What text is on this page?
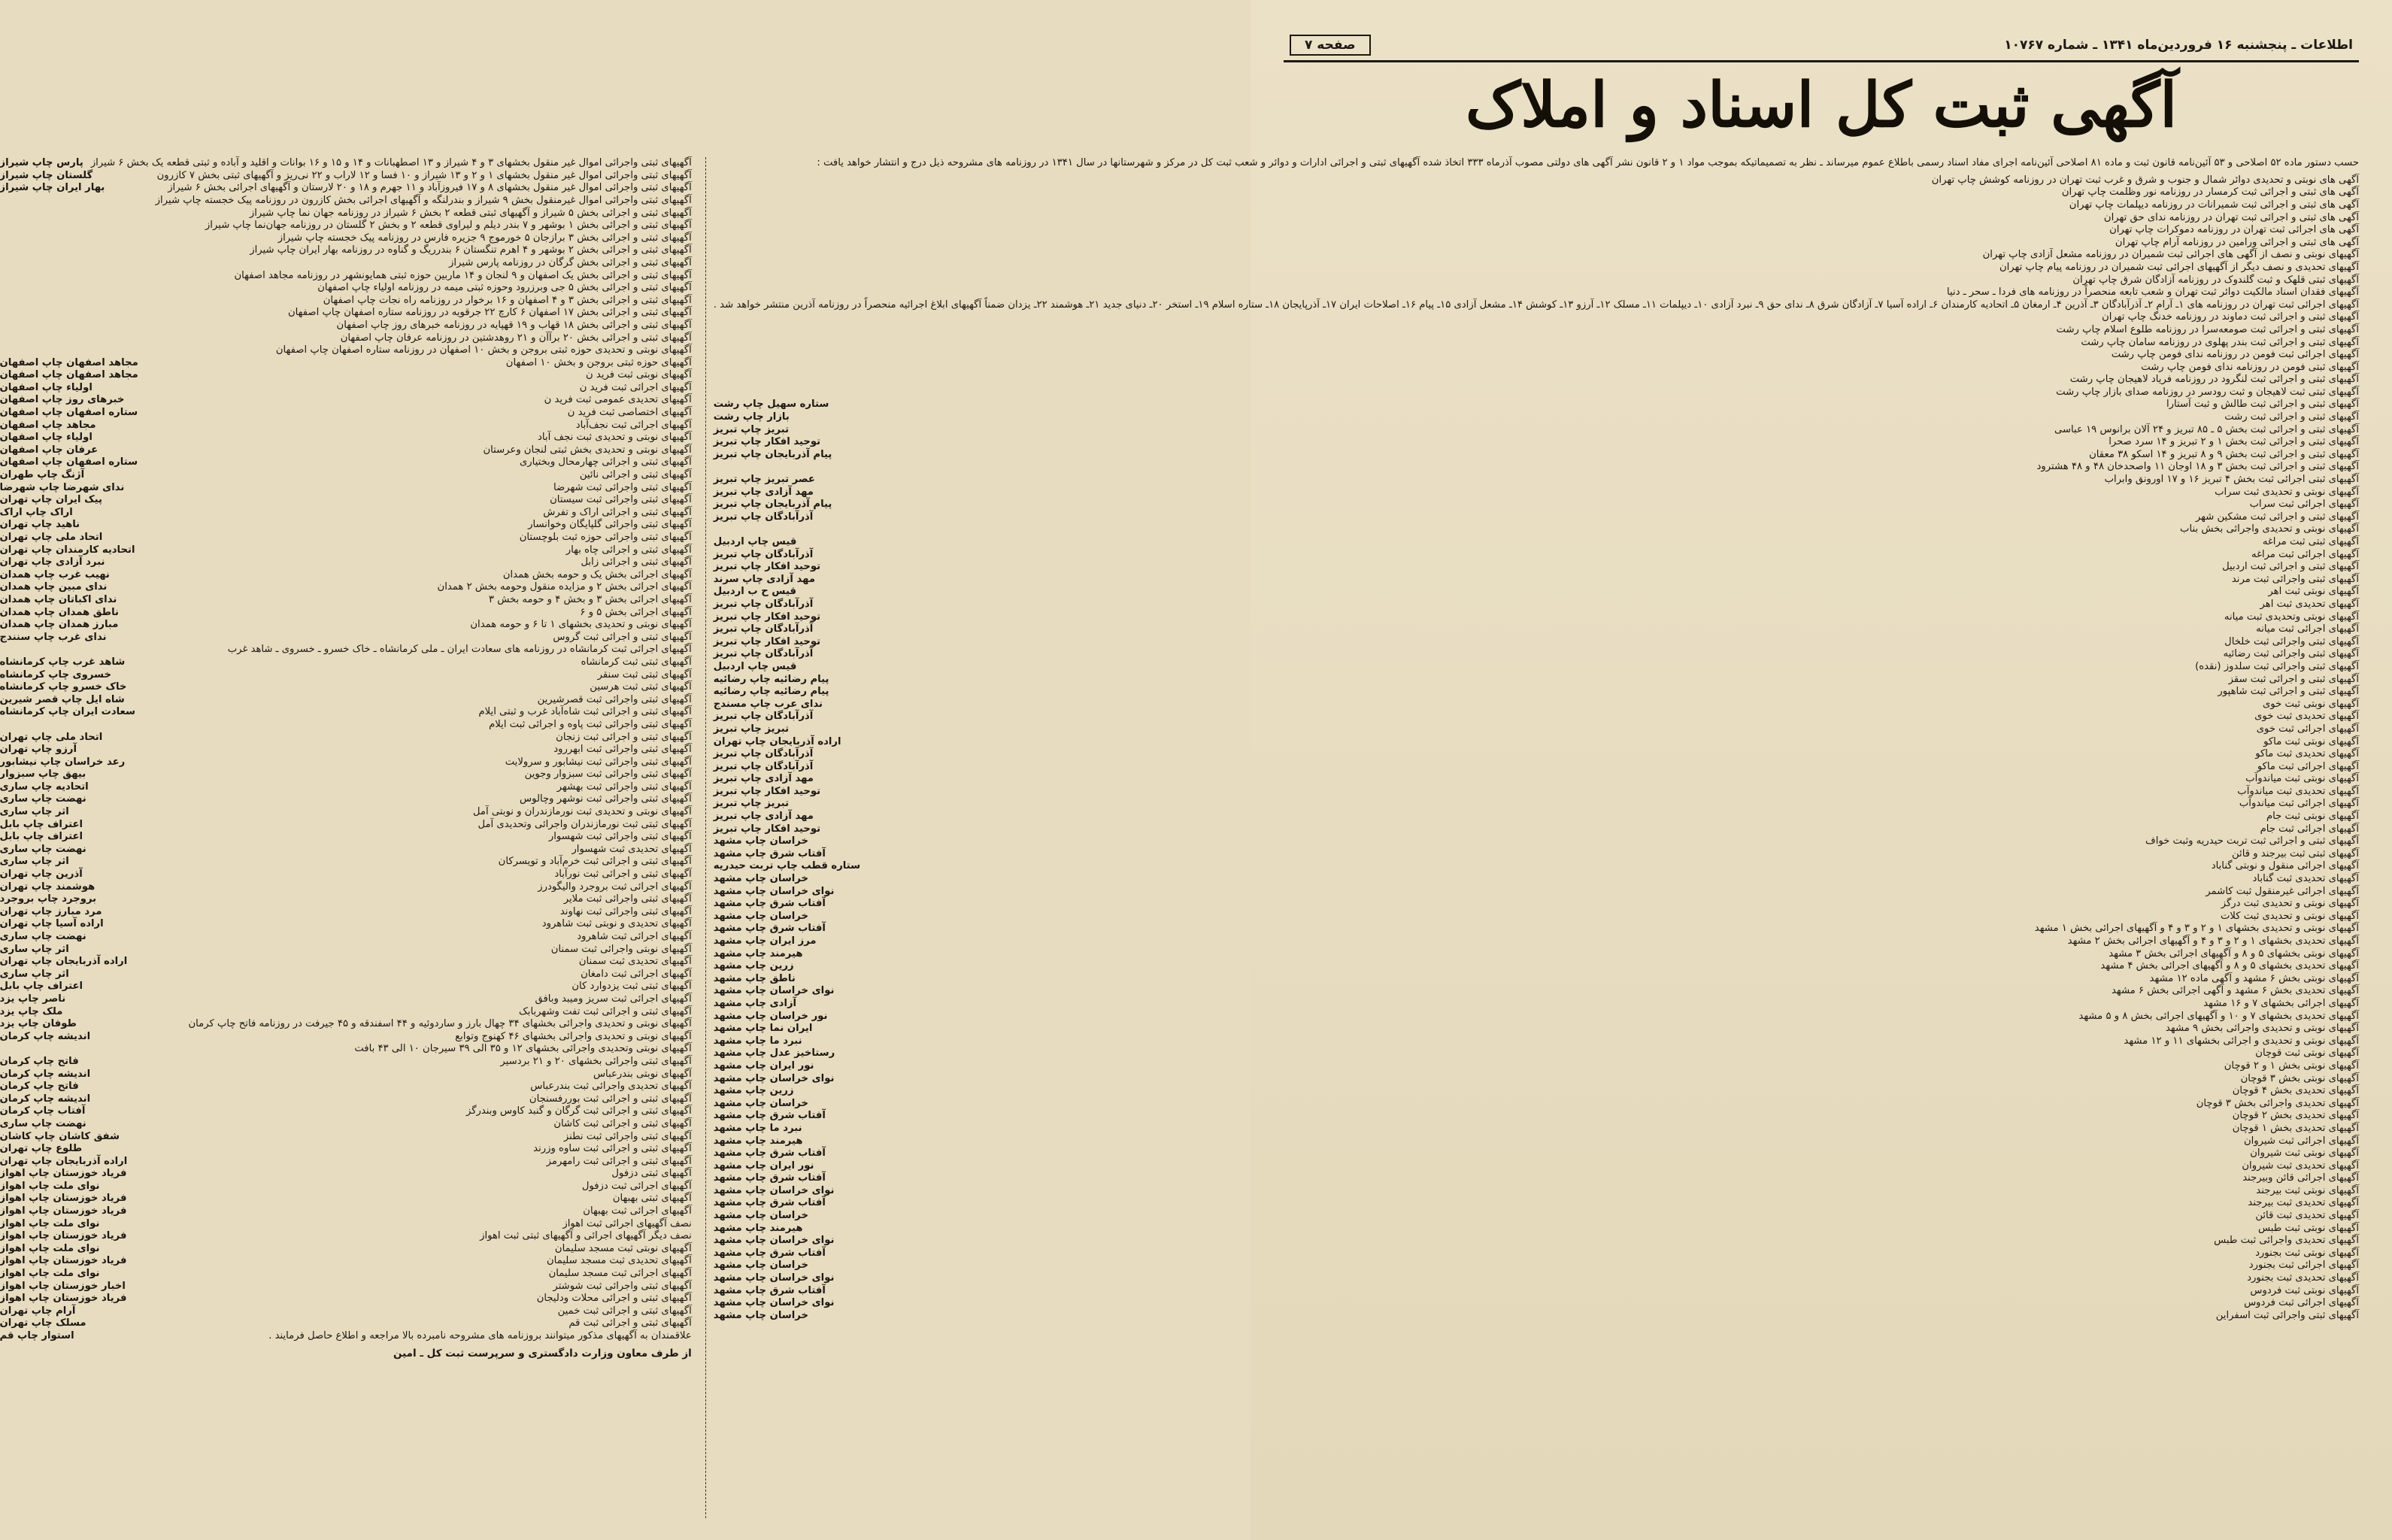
اطلاعات ـ پنجشنبه ۱۶ فروردین‌ماه ۱۳۴۱ ـ شماره ۱۰۷۶۷
صفحه ۷
آگهی ثبت کل اسناد و املاک
حسب دستور ماده ۵۲ اصلاحی و ۵۳ آئین‌نامه قانون ثبت و ماده ۸۱ اصلاحی آئین‌نامه اجرای مفاد اسناد رسمی باطلاع عموم میرساند ـ نظر به تصمیماتیکه بموجب مواد ۱ و ۲ قانون نشر آگهی های دولتی مصوب آذرماه ۳۳۳ اتخاذ شده آگهیهای ثبتی و اجرائی ادارات و دوائر و شعب ثبت کل در مرکز و شهرستانها در سال ۱۳۴۱ در روزنامه های مشروحه ذیل درج و انتشار خواهد یافت :
آگهی های نوبتی و تحدیدی دوائر شمال و جنوب و شرق و غرب ثبت تهران در روزنامه کوشش چاپ تهران
آگهی های ثبتی و اجرائی ثبت کرمسار در روزنامه نور وظلمت چاپ تهران
آگهی های ثبتی و اجرائی ثبت شمیرانات در روزنامه دیپلمات چاپ تهران
آگهی های ثبتی و اجرائی ثبت تهران در روزنامه ندای حق تهران
آگهی های اجرائی ثبت تهران در روزنامه دموکرات چاپ تهران
آگهی های ثبتی و اجرائی ورامین در روزنامه آرام چاپ تهران
آگهیهای نوبتی و نصف از آگهی های اجرائی ثبت شمیران در روزنامه مشعل آزادی چاپ تهران
آگهیهای تحدیدی و نصف دیگر از آگهیهای اجرائی ثبت شمیران در روزنامه پیام چاپ تهران
آگهیهای ثبتی قلهک و ثبت گلندوک در روزنامه آزادگان شرق چاپ تهران
آگهیهای فقدان اسناد مالکیت دوائر ثبت تهران و شعب تابعه منحصراً در روزنامه های فردا ـ سحر ـ دنیا
آگهیهای اجرائی ثبت تهران در روزنامه های ۱ـ آرام ۲ـ آذرآبادگان ۳ـ آذرین ۴ـ ارمغان ۵ـ اتحادیه کارمندان ۶ـ اراده آسیا ۷ـ آزادگان شرق ۸ـ ندای حق ۹ـ نبرد آزادی ۱۰ـ دیپلمات ۱۱ـ مسلک ۱۲ـ آرزو ۱۳ـ کوشش ۱۴ـ مشعل آزادی ۱۵ـ پیام ۱۶ـ اصلاحات ایران ۱۷ـ آذرپایجان ۱۸ـ ستاره اسلام ۱۹ـ استخر ۲۰ـ دنیای جدید ۲۱ـ هوشمند ۲۲ـ یزدان ضمناً آگهیهای ابلاغ اجرائیه منحصراً در روزنامه آذرین منتشر خواهد شد .
آگهیهای ثبتی و اجرائی ثبت دماوند در روزنامه خدنگ چاپ تهران
آگهیهای ثبتی و اجرائی ثبت صومعه‌سرا در روزنامه طلوع اسلام چاپ رشت
آگهیهای ثبتی و اجرائی ثبت بندر پهلوی در روزنامه سامان چاپ رشت
آگهیهای اجرائی ثبت فومن در روزنامه ندای فومن چاپ رشت
آگهیهای ثبتی فومن در روزنامه ندای فومن چاپ رشت
آگهیهای ثبتی و اجرائی ثبت لنگرود در روزنامه فریاد لاهیجان چاپ رشت
آگهیهای ثبتی ثبت لاهیجان و ثبت رودسر در روزنامه صدای بازار چاپ رشت
آگهیهای ثبتی و اجرائی ثبت طالش و ثبت آستارا
ستاره سهیل چاپ رشت
آگهیهای ثبتی و اجرائی ثبت رشت
بازار چاپ رشت
آگهیهای ثبتی و اجرائی ثبت بخش ۵ ـ ۸۵ تبریز و ۲۴ آلان برانوس ۱۹ عباسی
تبریز چاپ تبریز
آگهیهای ثبتی و اجرائی ثبت بخش ۱ و ۲ تبریز و ۱۴ سرد صحرا
توحید افکار چاپ تبریز
آگهیهای ثبتی و اجرائی ثبت بخش ۹ و ۸ تبریز و ۱۴ اسکو ۳۸ معقان
پیام آذربایجان چاپ تبریز
آگهیهای ثبتی و اجرائی ثبت بخش ۳ و ۱۸ اوجان ۱۱ واصحدخان ۴۸ و ۴۸ هشترود
آگهیهای ثبتی اجرائی ثبت بخش ۴ تبریز ۱۶ و ۱۷ اورونق وابراب
عصر تبریز چاپ تبریز
آگهیهای نوبتی و تحدیدی ثبت سراب
مهد آزادی چاپ تبریز
آگهیهای اجرائی ثبت سراب
پیام آذربایجان چاپ تبریز
آگهیهای ثبتی و اجرائی ثبت مشکین شهر
آذرآبادگان چاپ تبریز
آگهیهای نوبتی و تحدیدی واجرائی بخش بناب
آگهیهای ثبتی ثبت مراغه
قیس چاپ اردبیل
آگهیهای اجرائی ثبت مراغه
آذرآبادگان چاپ تبریز
آگهیهای ثبتی و اجرائی ثبت اردبیل
توحید افکار چاپ تبریز
آگهیهای ثبتی واجرائی ثبت مرند
مهد آزادی چاپ سرند
آگهیهای نوبتی ثبت اهر
قیس ح ب اردبیل
آگهیهای تحدیدی ثبت اهر
آذرآبادگان چاپ تبریز
آگهیهای نوبتی وتحدیدی ثبت میانه
توحید افکار چاپ تبریز
آگهیهای اجرائی ثبت میانه
آذرآبادگان چاپ تبریز
آگهیهای ثبتی واجرائی ثبت خلخال
توحید افکار چاپ تبریز
آگهیهای ثبتی واجرائی ثبت رضائیه
آذرآبادگان چاپ تبریز
آگهیهای ثبتی واجرائی ثبت سلدوز (نقده)
قیس چاپ اردبیل
آگهیهای ثبتی و اجرائی ثبت سقز
پیام رضائیه چاپ رضائیه
آگهیهای ثبتی و اجرائی ثبت شاهپور
پیام رضائیه چاپ رضائیه
آگهیهای نوبتی ثبت خوی
ندای عرب چاپ مسندج
آگهیهای تحدیدی ثبت خوی
آذرآبادگان چاپ تبریز
آگهیهای اجرائی ثبت خوی
تبریز چاپ تبریز
آگهیهای نوبتی ثبت ماکو
اراده آذربایجان چاپ تهران
آگهیهای تحدیدی ثبت ماکو
آذرآبادگان چاپ تبریز
آگهیهای اجرائی ثبت ماکو
آذرآبادگان چاپ تبریز
آگهیهای نوبتی ثبت میاندوآب
مهد آزادی چاپ تبریز
آگهیهای تحدیدی ثبت میاندوآب
توحید افکار چاپ تبریز
آگهیهای اجرائی ثبت میاندوآب
تبریز چاپ تبریز
آگهیهای نوبتی ثبت جام
مهد آزادی چاپ تبریز
آگهیهای اجرائی ثبت جام
توحید افکار چاپ تبریز
آگهیهای ثبتی و اجرائی ثبت تربت حیدریه وثبت خواف
خراسان چاپ مشهد
آگهیهای ثبتی ثبت بیرجند و قائن
آفتاب شرق چاپ مشهد
آگهیهای اجرائی منقول و نوبتی گناباد
ستاره قطب چاپ تربت حیدریه
آگهیهای تحدیدی ثبت گناباد
خراسان چاپ مشهد
آگهیهای اجرائی غیرمنقول ثبت کاشمر
نوای خراسان چاپ مشهد
آگهیهای نوبتی و تحدیدی ثبت درگز
آفتاب شرق چاپ مشهد
آگهیهای نوبتی و تحدیدی ثبت کلات
خراسان چاپ مشهد
آگهیهای نوبتی و تحدیدی بخشهای ۱ و ۲ و ۳ و ۴ و آگهیهای اجرائی بخش ۱ مشهد
آفتاب شرق چاپ مشهد
آگهیهای تحدیدی بخشهای ۱ و ۲ و ۳ و ۴ و آگهیهای اجرائی بخش ۲ مشهد
مرز ایران چاپ مشهد
آگهیهای نوبتی بخشهای ۵ و ۸ و آگهیهای اجرائی بخش ۳ مشهد
هیرمند چاپ مشهد
آگهیهای تحدیدی بخشهای ۵ و ۸ و آگهیهای اجرائی بخش ۴ مشهد
زرین چاپ مشهد
آگهیهای نوبتی بخش ۶ مشهد و آگهی ماده ۱۲ مشهد
ناطق چاپ مشهد
آگهیهای تحدیدی بخش ۶ مشهد و آگهی اجرائی بخش ۶ مشهد
نوای خراسان چاپ مشهد
آگهیهای اجرائی بخشهای ۷ و ۱۶ مشهد
آزادی چاپ مشهد
آگهیهای تحدیدی بخشهای ۷ و ۱۰ و آگهیهای اجرائی بخش ۸ و ۵ مشهد
نور خراسان چاپ مشهد
آگهیهای نوبتی و تحدیدی واجرائی بخش ۹ مشهد
ایران نما چاپ مشهد
آگهیهای نوبتی و تحدیدی و اجرائی بخشهای ۱۱ و ۱۲ مشهد
نبرد ما چاپ مشهد
آگهیهای نوبتی ثبت قوچان
رستاخیز عدل چاپ مشهد
آگهیهای نوبتی بخش ۱ و ۲ قوچان
نور ایران چاپ مشهد
آگهیهای نوبتی بخش ۳ قوچان
نوای خراسان چاپ مشهد
آگهیهای تحدیدی بخش ۴ قوچان
زرین چاپ مشهد
آگهیهای تحدیدی واجرائی بخش ۳ قوچان
خراسان چاپ مشهد
آگهیهای تحدیدی بخش ۲ قوچان
آفتاب شرق چاپ مشهد
آگهیهای تحدیدی بخش ۱ قوچان
نبرد ما چاپ مشهد
آگهیهای اجرائی ثبت شیروان
هیرمند چاپ مشهد
آگهیهای نوبتی ثبت شیروان
آفتاب شرق چاپ مشهد
آگهیهای تحدیدی ثبت شیروان
نور ایران چاپ مشهد
آگهیهای اجرائی قائن وبیرجند
آفتاب شرق چاپ مشهد
آگهیهای نوبتی ثبت بیرجند
نوای خراسان چاپ مشهد
آگهیهای تحدیدی ثبت بیرجند
آفتاب شرق چاپ مشهد
آگهیهای تحدیدی ثبت قائن
خراسان چاپ مشهد
آگهیهای نوبتی ثبت طبس
هیرمند چاپ مشهد
آگهیهای تحدیدی واجرائی ثبت طبس
نوای خراسان چاپ مشهد
آگهیهای نوبتی ثبت بجنورد
آفتاب شرق چاپ مشهد
آگهیهای اجرائی ثبت بجنورد
خراسان چاپ مشهد
آگهیهای تحدیدی ثبت بجنورد
نوای خراسان چاپ مشهد
آگهیهای نوبتی ثبت فردوس
آفتاب شرق چاپ مشهد
آگهیهای اجرائی ثبت فردوس
نوای خراسان چاپ مشهد
آگهیهای ثبتی واجرائی ثبت اسفراین
خراسان چاپ مشهد
آگهیهای ثبتی واجرائی اموال غیر منقول بخشهای ۳ و ۴ شیراز و ۱۳ اصطهبانات و ۱۴ و ۱۵ و ۱۶ بوانات و اقلید و آباده و ثبتی قطعه یک بخش ۶ شیراز
پارس چاپ شیراز
آگهیهای ثبتی واجرائی اموال غیر منقول بخشهای ۱ و ۲ و ۱۳ شیراز و ۱۰ فسا و ۱۲ لاراب و ۲۲ نی‌ریز و آگهیهای ثبتی بخش ۷ کازرون
گلستان چاپ شیراز
آگهیهای ثبتی واجرائی اموال غیر منقول بخشهای ۸ و ۱۷ فیروزآباد و ۱۱ جهرم و ۱۸ و ۲۰ لارستان و آگهیهای اجرائی بخش ۶ شیراز
بهار ایران چاپ شیراز
آگهیهای ثبتی واجرائی اموال غیرمنقول بخش ۹ شیراز و بندرلنگه و آگهیهای اجرائی بخش کازرون در روزنامه پیک خجسته چاپ شیراز
آگهیهای ثبتی و اجرائی بخش ۵ شیراز و آگهیهای ثبتی قطعه ۲ بخش ۶ شیراز در روزنامه جهان نما چاپ شیراز
آگهیهای ثبتی و اجرائی بخش ۱ بوشهر و ۷ بندر دیلم و لیراوی قطعه ۲ و بخش ۲ گلستان در روزنامه جهان‌نما چاپ شیراز
آگهیهای ثبتی و اجرائی بخش ۳ برازجان ۵ خورموج ۹ جزیره فارس در روزنامه پیک خجسته چاپ شیراز
آگهیهای ثبتی و اجرائی بخش ۲ بوشهر و ۴ اهرم تنگستان ۶ بندرریگ و گناوه در روزنامه بهار ایران چاپ شیراز
آگهیهای ثبتی و اجرائی بخش گرگان در روزنامه پارس شیراز
آگهیهای ثبتی و اجرائی بخش یک اصفهان و ۹ لنجان و ۱۴ ماربین حوزه ثبتی همایونشهر در روزنامه مجاهد اصفهان
آگهیهای ثبتی و اجرائی بخش ۵ جی وبرزرود وحوزه ثبتی میمه در روزنامه اولیاء چاپ اصفهان
آگهیهای ثبتی و اجرائی بخش ۳ و ۴ اصفهان و ۱۶ برخوار در روزنامه راه نجات چاپ اصفهان
آگهیهای ثبتی و اجرائی بخش ۱۷ اصفهان ۶ کارچ ۲۲ جرقویه در روزنامه ستاره اصفهان چاپ اصفهان
آگهیهای ثبتی و اجرائی بخش ۱۸ قهاب و ۱۹ قهپایه در روزنامه خبرهای روز چاپ اصفهان
آگهیهای ثبتی و اجرائی بخش ۲۰ برآآن و ۲۱ روهدشتین در روزنامه عرفان چاپ اصفهان
آگهیهای نوبتی و تحدیدی حوزه ثبتی بروجن و بخش ۱۰ اصفهان در روزنامه ستاره اصفهان چاپ اصفهان
آگهیهای حوزه ثبتی بروجن و بخش ۱۰ اصفهان
مجاهد اصفهان چاپ اصفهان
آگهیهای نوبتی ثبت فرید ن
مجاهد اصفهان چاپ اصفهان
آگهیهای اجرائی ثبت فرید ن
اولیاء چاپ اصفهان
آگهیهای تحدیدی عمومی ثبت فرید ن
خبرهای روز چاپ اصفهان
آگهیهای اختصاصی ثبت فرید ن
ستاره اصفهان چاپ اصفهان
آگهیهای اجرائی ثبت نجف‌آباد
مجاهد چاپ اصفهان
آگهیهای نوبتی و تحدیدی ثبت نجف آباد
اولیاء چاپ اصفهان
آگهیهای نوبتی و تحدیدی بخش ثبتی لنجان وعرستان
عرفان چاپ اصفهان
آگهیهای ثبتی و اجرائی چهارمحال وبختیاری
ستاره اصفهان چاپ اصفهان
آگهیهای ثبتی و اجرائی نائین
آژنگ چاپ طهران
آگهیهای ثبتی واجرائی ثبت شهرضا
ندای شهرضا چاپ شهرضا
آگهیهای ثبتی واجرائی ثبت سیستان
پیک ایران چاپ تهران
آگهیهای ثبتی و اجرائی اراک و تفرش
اراک چاپ اراک
آگهیهای ثبتی واجرائی گلپایگان وخوانسار
ناهید چاپ تهران
آگهیهای ثبتی واجرائی حوزه ثبت بلوچستان
اتحاد ملی چاپ تهران
آگهیهای ثبتی و اجرائی چاه بهار
اتحادیه کارمندان چاپ تهران
آگهیهای ثبتی و اجرائی زابل
نبرد آزادی چاپ تهران
آگهیهای اجرائی بخش یک و حومه بخش همدان
نهیب غرب چاپ همدان
آگهیهای اجرائی بخش ۲ و مزایده منقول وحومه بخش ۲ همدان
ندای مبین چاپ همدان
آگهیهای اجرائی بخش ۳ و بخش ۴ و حومه بخش ۳
ندای اکباتان چاپ همدان
آگهیهای اجرائی بخش ۵ و ۶
ناطق همدان چاپ همدان
آگهیهای نوبتی و تحدیدی بخشهای ۱ تا ۶ و حومه همدان
مبارز همدان چاپ همدان
آگهیهای ثبتی و اجرائی ثبت گروس
ندای غرب چاپ سنندج
آگهیهای اجرائی ثبت کرمانشاه در روزنامه های سعادت ایران ـ ملی کرمانشاه ـ خاک خسرو ـ خسروی ـ شاهد غرب
آگهیهای ثبتی ثبت کرمانشاه
شاهد غرب چاپ کرمانشاه
آگهیهای ثبتی ثبت سنقر
خسروی چاپ کرمانشاه
آگهیهای ثبتی ثبت هرسین
خاک خسرو چاپ کرمانشاه
آگهیهای ثبتی واجرائی ثبت قصرشیرین
شاه ایل چاپ قصر شیرین
آگهیهای ثبتی و اجرائی ثبت شاه‌آباد غرب و ثبتی ایلام
سعادت ایران چاپ کرمانشاه
آگهیهای ثبتی واجرائی ثبت پاوه و اجرائی ثبت ایلام
آگهیهای ثبتی و اجرائی ثبت زنجان
اتحاد ملی چاپ تهران
آگهیهای ثبتی واجرائی ثبت ابهررود
آرزو چاپ تهران
آگهیهای ثبتی واجرائی ثبت نیشابور و سرولایت
رعد خراسان چاپ نیشابور
آگهیهای ثبتی واجرائی ثبت سبزوار وجوین
بیهق چاپ سبزوار
آگهیهای ثبتی واجرائی ثبت بهشهر
اتحادیه چاپ ساری
آگهیهای ثبتی واجرائی ثبت نوشهر وچالوس
نهضت چاپ ساری
آگهیهای نوبتی و تحدیدی ثبت نورمازندران و نوبتی آمل
اثر چاپ ساری
آگهیهای ثبتی ثبت نورمازندران واجرائی وتحدیدی آمل
اعتراف چاپ بابل
آگهیهای ثبتی واجرائی ثبت شهسوار
اعتراف چاپ بابل
آگهیهای تحدیدی ثبت شهسوار
نهضت چاپ ساری
آگهیهای ثبتی و اجرائی ثبت خرم‌آباد و تویسرکان
اثر چاپ ساری
آگهیهای ثبتی و اجرائی ثبت نورآباد
آذرین چاپ تهران
آگهیهای اجرائی ثبت بروجرد والیگودرز
هوشمند چاپ تهران
آگهیهای ثبتی واجرائی ثبت ملایر
بروجرد چاپ بروجرد
آگهیهای ثبتی واجرائی ثبت نهاوند
مرد مبارز چاپ تهران
آگهیهای تحدیدی و نوبتی ثبت شاهرود
اراده آسیا چاپ تهران
آگهیهای اجرائی ثبت شاهرود
نهضت چاپ ساری
آگهیهای نوبتی واجرائی ثبت سمنان
اثر چاپ ساری
آگهیهای تحدیدی ثبت سمنان
اراده آذربایجان چاپ تهران
آگهیهای اجرائی ثبت دامغان
اثر چاپ ساری
آگهیهای ثبتی ثبت یزدوارد کان
اعتراف چاپ بابل
آگهیهای اجرائی ثبت سریز ومیبد وبافق
ناصر چاپ یزد
آگهیهای ثبتی و اجرائی ثبت تفت وشهربابک
ملک چاپ یزد
آگهیهای نوبتی و تحدیدی واجرائی بخشهای ۳۴ چهال بارز و ساردوئیه و ۴۴ اسفندقه و ۴۵ جیرفت در روزنامه فاتح چاپ کرمان
طوفان چاپ یزد
آگهیهای نوبتی و تحدیدی واجرائی بخشهای ۴۶ کهنوج وتوابع
اندیشه چاپ کرمان
آگهیهای نوبتی وتحدیدی واجرائی بخشهای ۱۲ و ۳۵ الی ۳۹ سیرجان ۱۰ الی ۴۳ بافت
آگهیهای ثبتی واجرائی بخشهای ۲۰ و ۲۱ بردسیر
فاتح چاپ کرمان
آگهیهای نوبتی بندرعباس
اندیشه چاپ کرمان
آگهیهای تحدیدی واجرائی ثبت بندرعباس
فاتح چاپ کرمان
آگهیهای ثبتی و اجرائی ثبت بوررفسنجان
اندیشه چاپ کرمان
آگهیهای ثبتی و اجرائی ثبت گرگان و گنبد کاوس وبندرگز
آفتاب چاپ کرمان
آگهیهای ثبتی و اجرائی ثبت کاشان
نهضت چاپ ساری
آگهیهای ثبتی واجرائی ثبت نطنز
شفق کاشان چاپ کاشان
آگهیهای ثبتی و اجرائی ثبت ساوه وزرند
طلوع چاپ تهران
آگهیهای ثبتی و اجرائی ثبت رامهرمز
اراده آذربایجان چاپ تهران
آگهیهای ثبتی دزفول
فریاد خوزستان چاپ اهواز
آگهیهای اجرائی ثبت دزفول
نوای ملت چاپ اهواز
آگهیهای ثبتی بهبهان
فریاد خوزستان چاپ اهواز
آگهیهای اجرائی ثبت بهبهان
فریاد خوزستان چاپ اهواز
نصف آگهیهای اجرائی ثبت اهواز
نوای ملت چاپ اهواز
نصف دیگر آگهیهای اجرائی و آگهیهای ثبتی ثبت اهواز
فریاد خوزستان چاپ اهواز
آگهیهای نوبتی ثبت مسجد سلیمان
نوای ملت چاپ اهواز
آگهیهای تحدیدی ثبت مسجد سلیمان
فریاد خوزستان چاپ اهواز
آگهیهای اجرائی ثبت مسجد سلیمان
نوای ملت چاپ اهواز
آگهیهای ثبتی واجرائی ثبت شوشتر
اخبار خوزستان چاپ اهواز
آگهیهای ثبتی و اجرائی محلات ودلیجان
فریاد خوزستان چاپ اهواز
آگهیهای ثبتی و اجرائی ثبت خمین
آرام چاپ تهران
آگهیهای ثبتی و اجرائی ثبت قم
مسلک چاپ تهران
علاقمندان به آگهیهای مذکور میتوانند بروزنامه های مشروحه نامبرده بالا مراجعه و اطلاع حاصل فرمایند .
استوار چاپ قم
از طرف معاون وزارت دادگستری و سرپرست ثبت کل ـ امین
